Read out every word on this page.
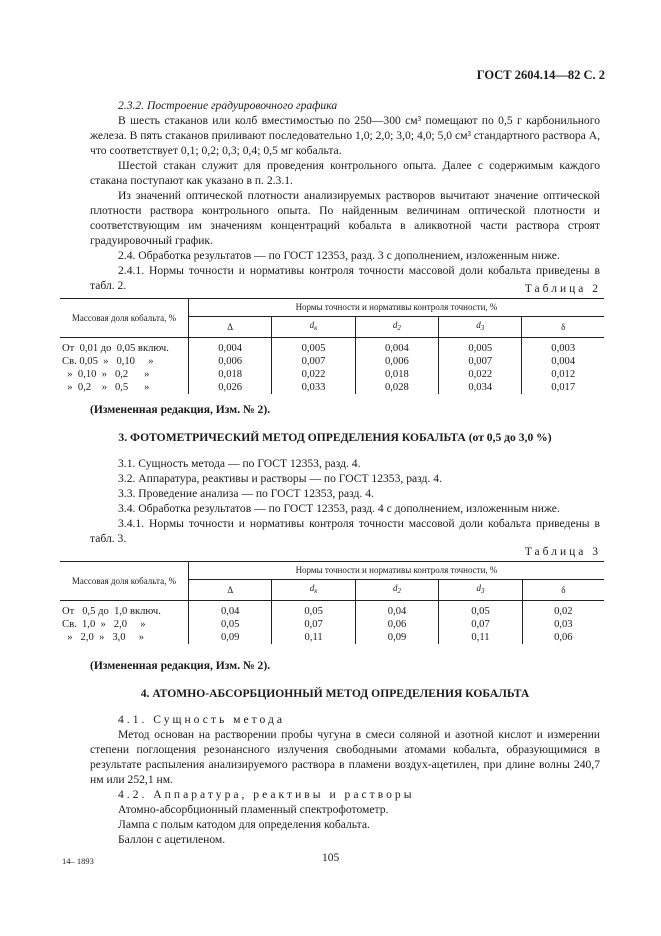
ГОСТ 2604.14—82 С. 2

2.3.2. Построение градуировочного графика

В шесть стаканов или колб вместимостью по 250—300 см³ помещают по 0,5 г карбонильного железа. В пять стаканов приливают последовательно 1,0; 2,0; 3,0; 4,0; 5,0 см³ стандартного раствора А, что соответствует 0,1; 0,2; 0,3; 0,4; 0,5 мг кобальта.

Шестой стакан служит для проведения контрольного опыта. Далее с содержимым каждого стакана поступают как указано в п. 2.3.1.

Из значений оптической плотности анализируемых растворов вычитают значение оптической плотности раствора контрольного опыта. По найденным величинам оптической плотности и соответствующим им значениям концентраций кобальта в аликвотной части раствора строят градуировочный график.

2.4. Обработка результатов — по ГОСТ 12353, разд. 3 с дополнением, изложенным ниже.

2.4.1. Нормы точности и нормативы контроля точности массовой доли кобальта приведены в табл. 2.	Таблица 2
Массовая доля кобальта, %	Нормы точности и нормативы контроля точности, %				
	Δ	$d_к$	$d_2$	$d_3$	δ
От  0,01 до  0,05 включ.	0,004	0,005	0,004	0,005	0,003
Св. 0,05  »   0,10     »	0,006	0,007	0,006	0,007	0,004
»  0,10  »   0,2      »	0,018	0,022	0,018	0,022	0,012
»  0,2    »   0,5      »	0,026	0,033	0,028	0,034	0,017

(Измененная редакция, Изм. № 2).

3. ФОТОМЕТРИЧЕСКИЙ МЕТОД ОПРЕДЕЛЕНИЯ КОБАЛЬТА (от 0,5 до 3,0 %)

3.1. Сущность метода — по ГОСТ 12353, разд. 4.

3.2. Аппаратура, реактивы и растворы — по ГОСТ 12353, разд. 4.

3.3. Проведение анализа — по ГОСТ 12353, разд. 4.

3.4. Обработка результатов — по ГОСТ 12353, разд. 4 с дополнением, изложенным ниже.

3.4.1. Нормы точности и нормативы контроля точности массовой доли кобальта приведены в табл. 3.

Таблица 3
Массовая доля кобальта, %	Нормы точности и нормативы контроля точности, %				
	Δ	$d_к$	$d_2$	$d_3$	δ
От   0,5 до  1,0 включ.	0,04	0,05	0,04	0,05	0,02
Св.  1,0  »   2,0     »	0,05	0,07	0,06	0,07	0,03
»   2,0  »   3,0     »	0,09	0,11	0,09	0,11	0,06

(Измененная редакция, Изм. № 2).

4. АТОМНО-АБСОРБЦИОННЫЙ МЕТОД ОПРЕДЕЛЕНИЯ КОБАЛЬТА

4.1. Сущность метода

Метод основан на растворении пробы чугуна в смеси соляной и азотной кислот и измерении степени поглощения резонансного излучения свободными атомами кобальта, образующимися в результате распыления анализируемого раствора в пламени воздух-ацетилен, при длине волны 240,7 нм или 252,1 нм.

4.2. Аппаратура, реактивы и растворы

Атомно-абсорбционный пламенный спектрофотометр.

Лампа с полым катодом для определения кобальта.

Баллон с ацетиленом.

14– 1893	105
